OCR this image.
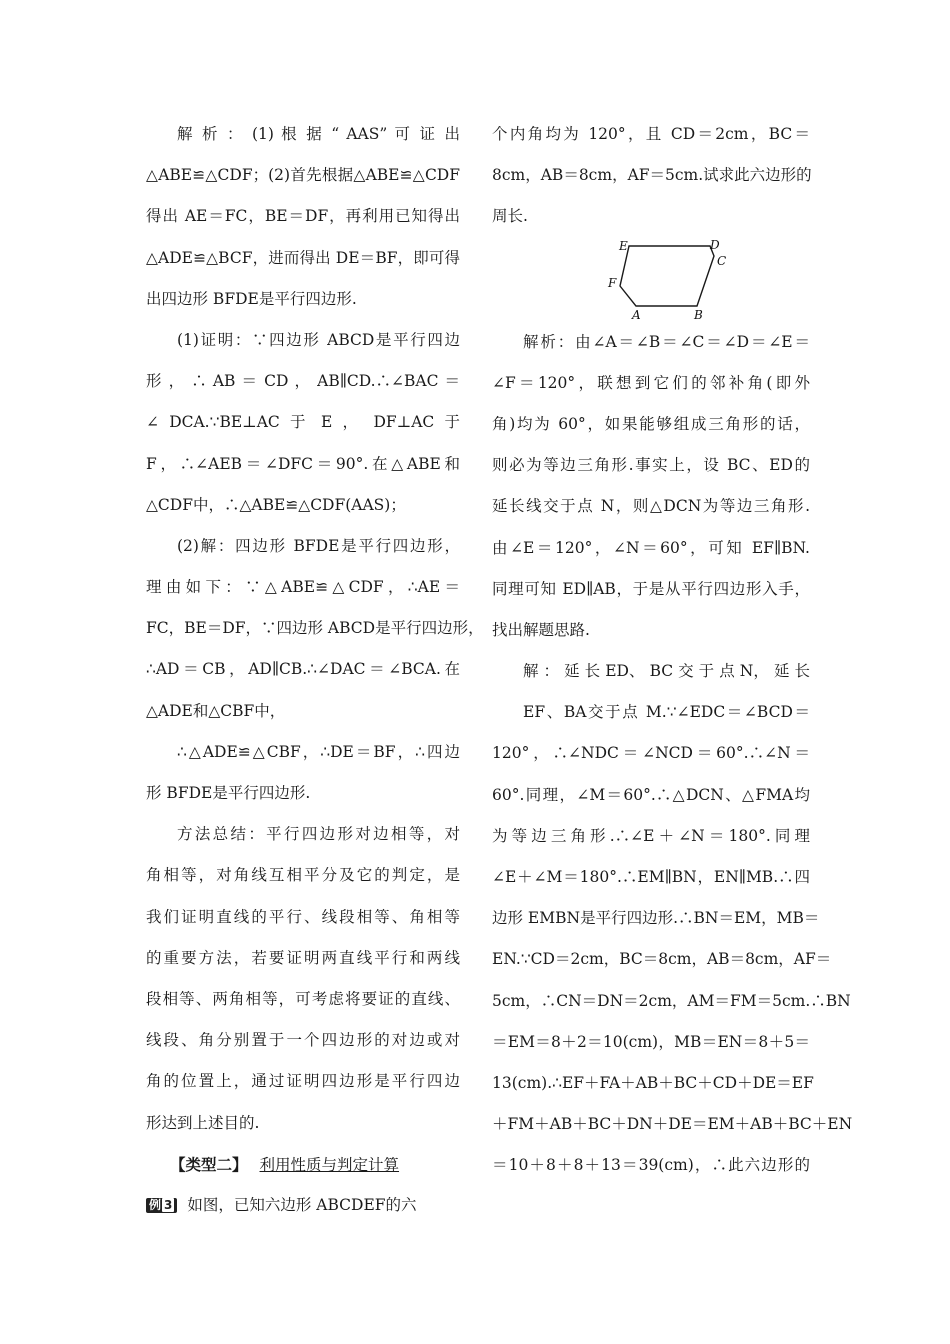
解 析 ： (1) 根 据 “ AAS” 可 证 出
△ABE≌△CDF；(2)首先根据△ABE≌△CDF
得出 AE＝FC，BE＝DF，再利用已知得出
△ADE≌△BCF，进而得出 DE＝BF，即可得
出四边形 BFDE是平行四边形.
(1)证明：∵四边形 ABCD是平行四边
形 ， ∴ AB ＝ CD ， AB∥CD.∴∠BAC ＝
∠ DCA.∵BE⊥AC 于 E ， DF⊥AC 于
F，∴∠AEB＝∠DFC＝90°.在△ABE和
△CDF中，∴△ABE≌△CDF(AAS)；
(2)解：四边形 BFDE是平行四边形，
理由如下：∵△ABE≌△CDF，∴AE＝
FC，BE＝DF，∵四边形 ABCD是平行四边形，
∴AD＝CB，AD∥CB.∴∠DAC＝∠BCA.在
△ADE和△CBF中，
∴△ADE≌△CBF，∴DE＝BF，∴四边
形 BFDE是平行四边形.
方法总结：平行四边形对边相等，对
角相等，对角线互相平分及它的判定，是
我们证明直线的平行、线段相等、角相等
的重要方法，若要证明两直线平行和两线
段相等、两角相等，可考虑将要证的直线、
线段、角分别置于一个四边形的对边或对
角的位置上，通过证明四边形是平行四边
形达到上述目的.
【类型二】 利用性质与判定计算
例 3 如图，已知六边形 ABCDEF的六
个内角均为 120°，且 CD＝2cm，BC＝
8cm，AB＝8cm，AF＝5cm.试求此六边形的
周长.
E	D
C
F
A	B
解析：由∠A＝∠B＝∠C＝∠D＝∠E＝
∠F＝120°，联想到它们的邻补角(即外
角)均为 60°，如果能够组成三角形的话，
则必为等边三角形.事实上，设 BC、ED的
延长线交于点 N，则△DCN为等边三角形.
由∠E＝120°，∠N＝60°，可知 EF∥BN.
同理可知 ED∥AB，于是从平行四边形入手，
找出解题思路.
解 ： 延 长 ED、 BC 交 于 点 N， 延 长
EF、BA交于点 M.∵∠EDC＝∠BCD＝
120°，∴∠NDC＝∠NCD＝60°.∴∠N＝
60°.同理，∠M＝60°.∴△DCN、△FMA均
为等边三角形.∴∠E＋∠N＝180°.同理
∠E＋∠M＝180°.∴EM∥BN，EN∥MB.∴四
边形 EMBN是平行四边形.∴BN＝EM，MB＝
EN.∵CD＝2cm，BC＝8cm，AB＝8cm，AF＝
5cm，∴CN＝DN＝2cm，AM＝FM＝5cm.∴BN
＝EM＝8＋2＝10(cm)，MB＝EN＝8＋5＝
13(cm).∴EF＋FA＋AB＋BC＋CD＋DE＝EF
＋FM＋AB＋BC＋DN＋DE＝EM＋AB＋BC＋EN
＝10＋8＋8＋13＝39(cm)，∴此六边形的
